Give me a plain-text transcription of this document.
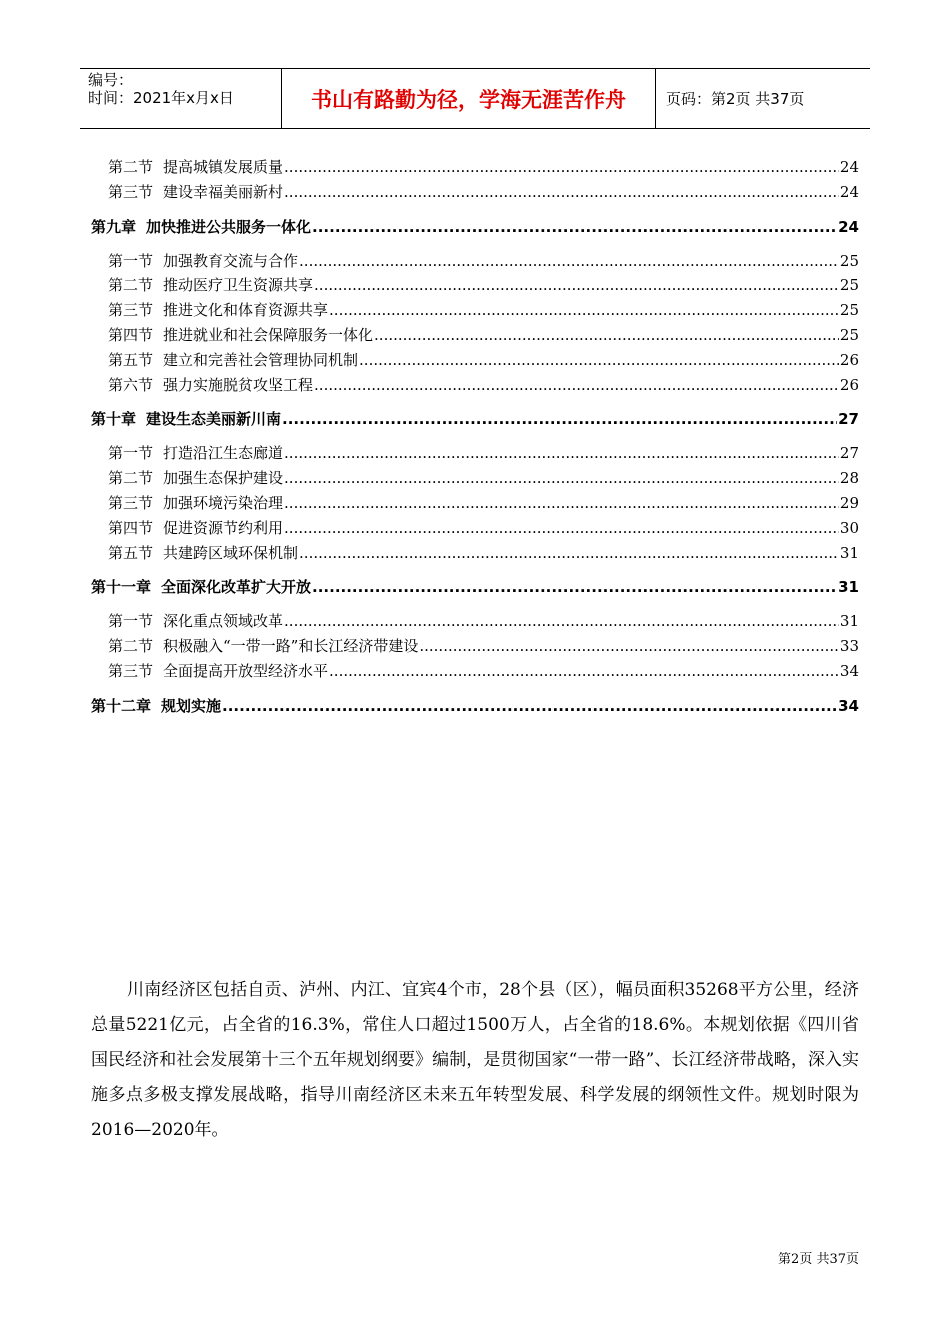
编号：
时间：2021年x月x日	书山有路勤为径，学海无涯苦作舟	页码：第2页 共37页
第二节 提高城镇发展质量 .....	24
第三节 建设幸福美丽新村 .....	24
第九章 加快推进公共服务一体化 .....	24
第一节 加强教育交流与合作 .....	25
第二节 推动医疗卫生资源共享 .....	25
第三节 推进文化和体育资源共享 .....	25
第四节 推进就业和社会保障服务一体化 .....	25
第五节 建立和完善社会管理协同机制 .....	26
第六节 强力实施脱贫攻坚工程 .....	26
第十章 建设生态美丽新川南 .....	27
第一节 打造沿江生态廊道 .....	27
第二节 加强生态保护建设 .....	28
第三节 加强环境污染治理 .....	29
第四节 促进资源节约利用 .....	30
第五节 共建跨区域环保机制 .....	31
第十一章 全面深化改革扩大开放 .....	31
第一节 深化重点领域改革 .....	31
第二节 积极融入“一带一路”和长江经济带建设 .....	33
第三节 全面提高开放型经济水平 .....	34
第十二章 规划实施 .....	34
川南经济区包括自贡、泸州、内江、宜宾4个市，28个县（区），幅员面积35268平方公里，经济总量5221亿元，占全省的16.3%，常住人口超过1500万人，占全省的18.6%。本规划依据《四川省国民经济和社会发展第十三个五年规划纲要》编制，是贯彻国家“一带一路”、长江经济带战略，深入实施多点多极支撑发展战略，指导川南经济区未来五年转型发展、科学发展的纲领性文件。规划时限为2016—2020年。
第2页 共37页
